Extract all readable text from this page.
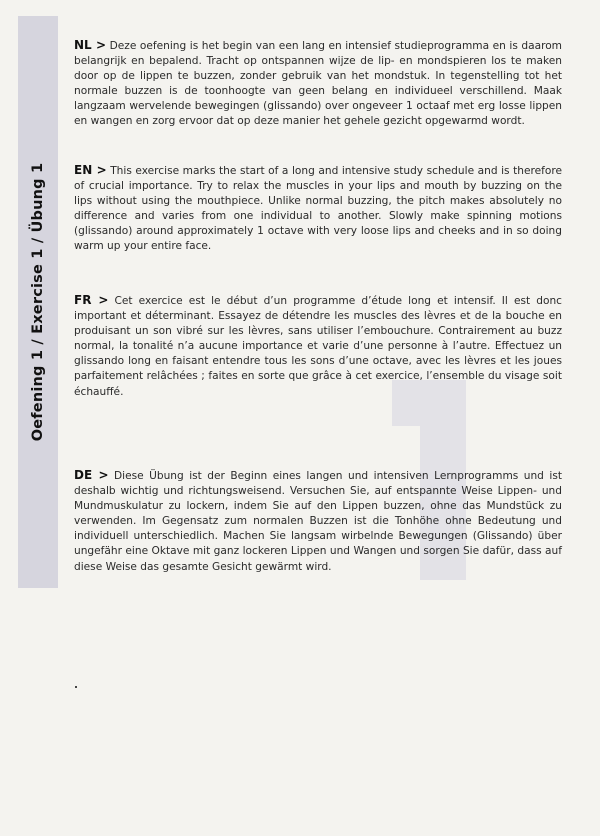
Oefening 1 / Exercise 1 / Übung 1
NL > Deze oefening is het begin van een lang en intensief studieprogramma en is daarom belangrijk en bepalend. Tracht op ontspannen wijze de lip- en mondspieren los te maken door op de lippen te buzzen, zonder gebruik van het mondstuk. In tegenstelling tot het normale buzzen is de toonhoogte van geen belang en individueel verschillend. Maak langzaam wervelende bewegingen (glissando) over ongeveer 1 octaaf met erg losse lippen en wangen en zorg ervoor dat op deze manier het gehele gezicht opgewarmd wordt.
EN > This exercise marks the start of a long and intensive study schedule and is therefore of crucial importance. Try to relax the muscles in your lips and mouth by buzzing on the lips without using the mouthpiece. Unlike normal buzzing, the pitch makes absolutely no difference and varies from one individual to another. Slowly make spinning motions (glissando) around approximately 1 octave with very loose lips and cheeks and in so doing warm up your entire face.
FR > Cet exercice est le début d’un programme d’étude long et intensif. Il est donc important et déterminant. Essayez de détendre les muscles des lèvres et de la bouche en produisant un son vibré sur les lèvres, sans utiliser l’embouchure. Contrairement au buzz normal, la tonalité n’a aucune importance et varie d’une personne à l’autre. Effectuez un glissando long en faisant entendre tous les sons d’une octave, avec les lèvres et les joues parfaitement relâchées ; faites en sorte que grâce à cet exercice, l’ensemble du visage soit échauffé.
DE > Diese Übung ist der Beginn eines langen und intensiven Lernprogramms und ist deshalb wichtig und richtungsweisend. Versuchen Sie, auf entspannte Weise Lippen- und Mundmuskulatur zu lockern, indem Sie auf den Lippen buzzen, ohne das Mundstück zu verwenden. Im Gegensatz zum normalen Buzzen ist die Tonhöhe ohne Bedeutung und individuell unterschiedlich. Machen Sie langsam wirbelnde Bewegungen (Glissando) über ungefähr eine Oktave mit ganz lockeren Lippen und Wangen und sorgen Sie dafür, dass auf diese Weise das gesamte Gesicht gewärmt wird.
